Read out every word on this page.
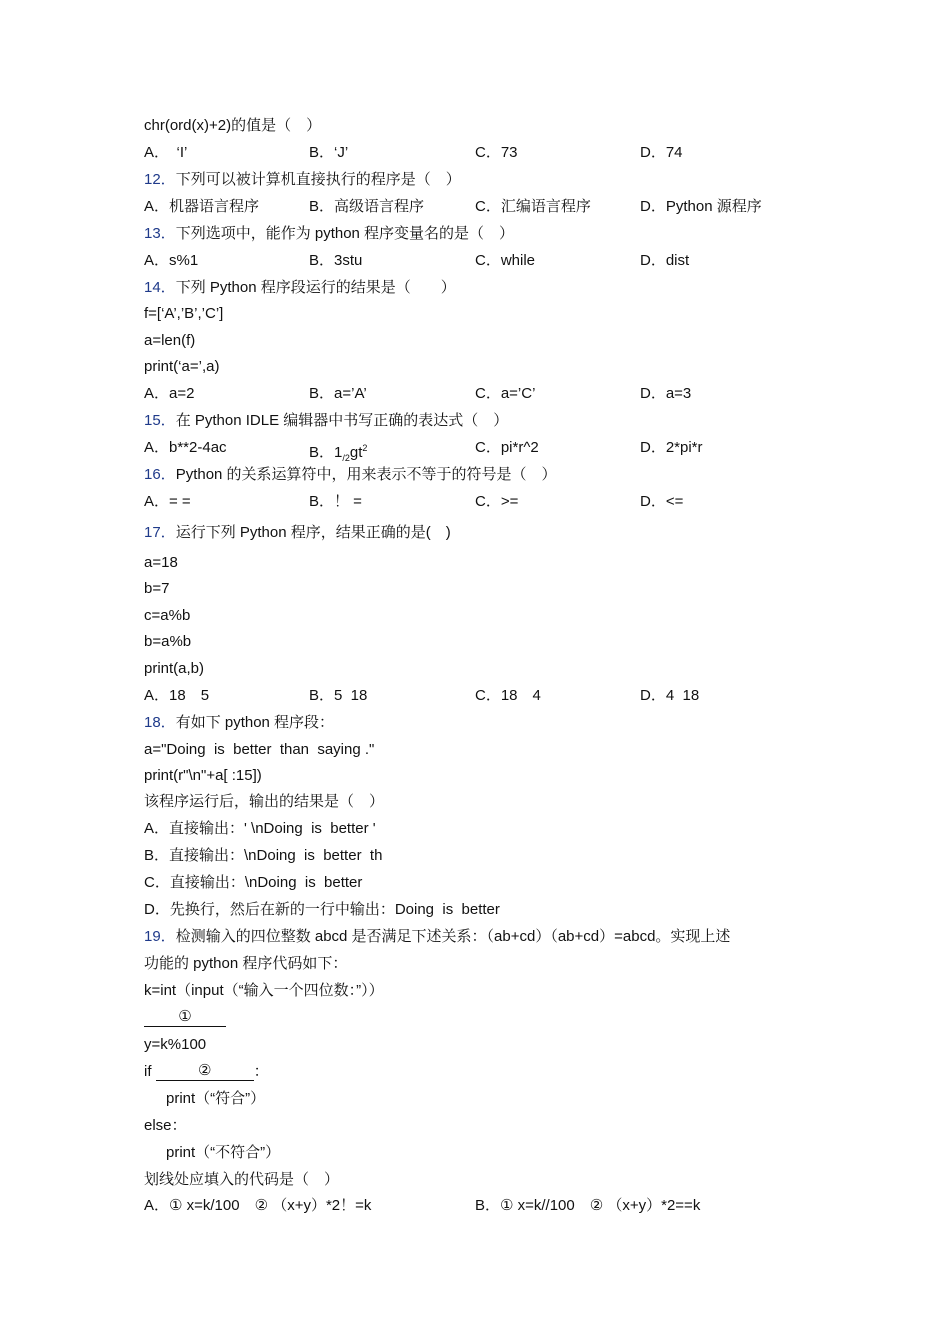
chr(ord(x)+2)的值是（　）
A．　‘I’	B．‘J’	C．73	D．74
12．下列可以被计算机直接执行的程序是（　）
A．机器语言程序	B．高级语言程序	C．汇编语言程序	D．Python 源程序
13．下列选项中，能作为 python 程序变量名的是（　）
A．s%1	B．3stu	C．while	D．dist
14．下列 Python 程序段运行的结果是（　　）
f=[‘A’,’B’,’C’]
a=len(f)
print(‘a=’,a)
A．a=2	B．a=’A’	C．a=’C’	D．a=3
15．在 Python IDLE 编辑器中书写正确的表达式（　）
A．b**2-4ac	B．$1_{/2}gt^2$	C．pi*r^2	D．2*pi*r
16．Python 的关系运算符中，用来表示不等于的符号是（　）
A．= =	B．！ =	C．>=	D．<=
17．运行下列 Python 程序，结果正确的是(　)
a=18
b=7
c=a%b
b=a%b
print(a,b)
A．18　5	B．5  18	C．18　4	D．4  18
18．有如下 python 程序段：
a="Doing  is  better  than  saying ."
print(r"\n"+a[ :15])
该程序运行后，输出的结果是（　）
A．直接输出：' \nDoing  is  better '
B．直接输出：\nDoing  is  better  th
C．直接输出：\nDoing  is  better
D．先换行，然后在新的一行中输出：Doing  is  better
19．检测输入的四位整数 abcd 是否满足下述关系：（ab+cd）（ab+cd）=abcd。实现上述
功能的 python 程序代码如下：
k=int（input（“输入一个四位数：”））
①
y=k%100
if	②	：
print（“符合”）
else：
print（“不符合”）
划线处应填入的代码是（　）
A．① x=k/100　② （x+y）*2！=k	B．① x=k//100　② （x+y）*2==k
